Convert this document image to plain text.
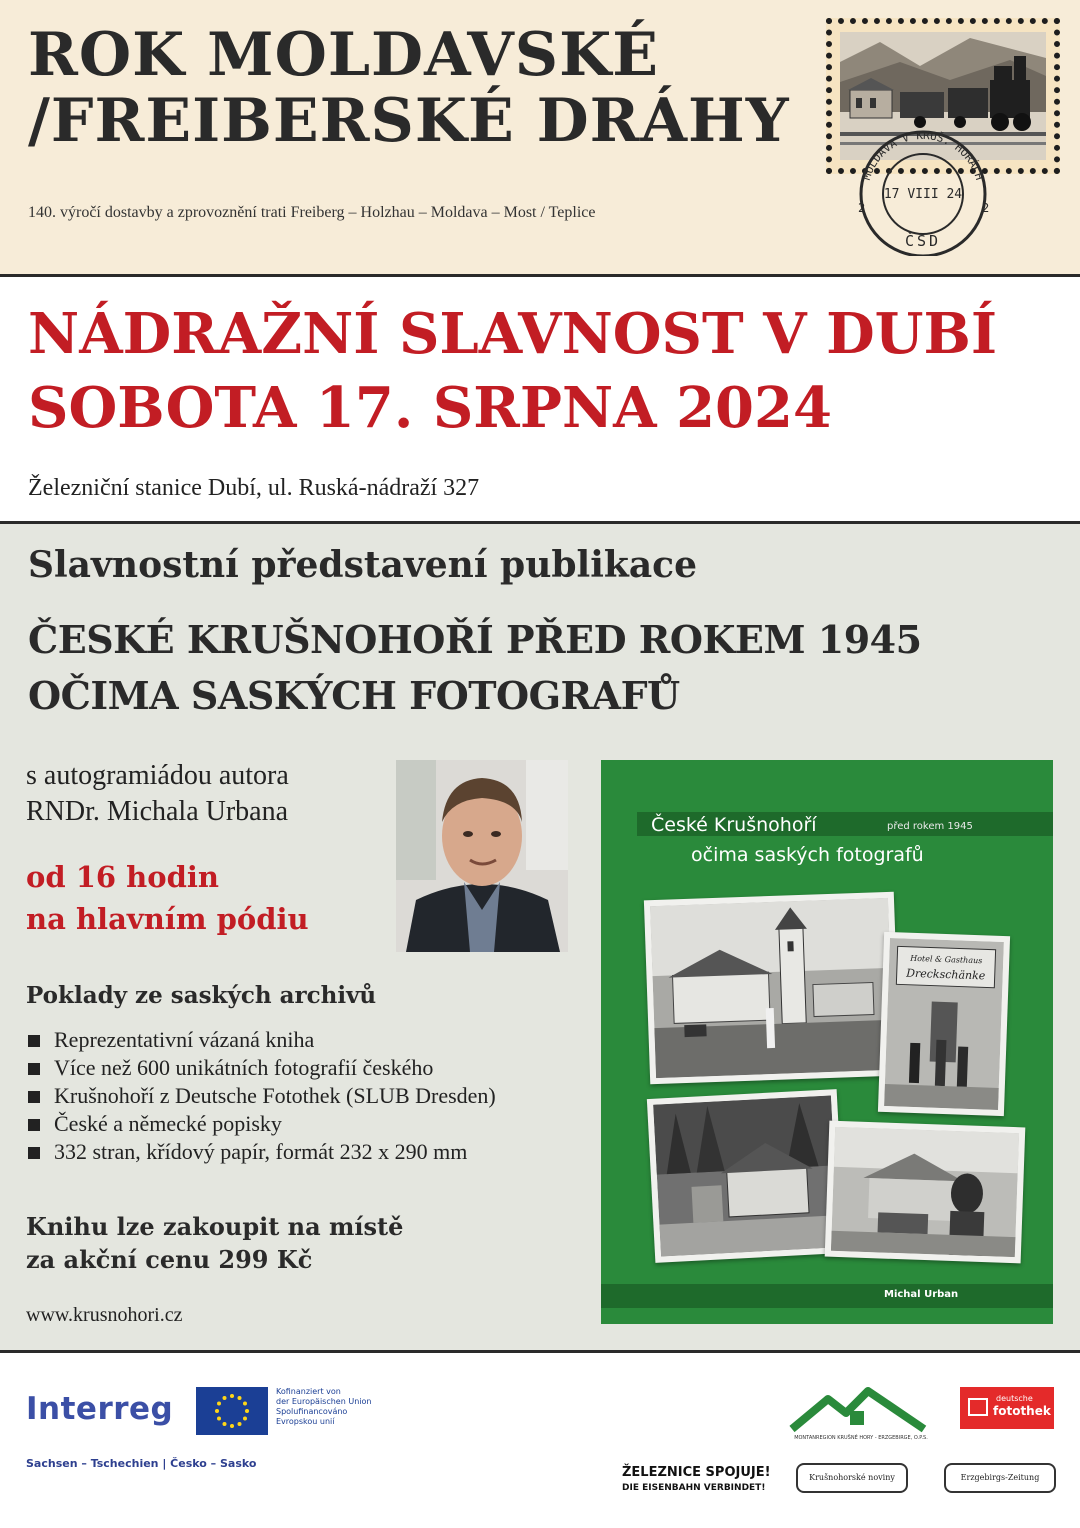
ROK MOLDAVSKÉ
/FREIBERSKÉ DRÁHY
140. výročí dostavby a zprovoznění trati Freiberg – Holzhau – Moldava – Most / Teplice
MOLDAVA V KRUŠ. HORÁCH
17 VIII 24
2	2
ČSD
NÁDRAŽNÍ SLAVNOST V DUBÍ
SOBOTA 17. SRPNA 2024
Železniční stanice Dubí, ul. Ruská-nádraží 327
Slavnostní představení publikace
ČESKÉ KRUŠNOHOŘÍ PŘED ROKEM 1945
OČIMA SASKÝCH FOTOGRAFŮ
s autogramiádou autora
RNDr. Michala Urbana
od 16 hodin
na hlavním pódiu
Poklady ze saských archivů
Reprezentativní vázaná kniha
Více než 600 unikátních fotografií českého
Krušnohoří z Deutsche Fotothek (SLUB Dresden)
České a německé popisky
332 stran, křídový papír, formát 232 x 290 mm
Knihu lze zakoupit na místě
za akční cenu 299 Kč
www.krusnohori.cz
České Krušnohoří	před rokem 1945
očima saských fotografů
Hotel & Gasthaus
Dreckschänke
Michal Urban
Interreg	Kofinanziert von
der Europäischen Union
Spolufinancováno
Evropskou unií
Sachsen – Tschechien | Česko – Sasko
MONTANREGION KRUŠNÉ HORY - ERZGEBIRGE, O.P.S.
deutsche
fotothek
ŽELEZNICE SPOJUJE!
DIE EISENBAHN VERBINDET!
Krušnohorské noviny	Erzgebirgs-Zeitung
